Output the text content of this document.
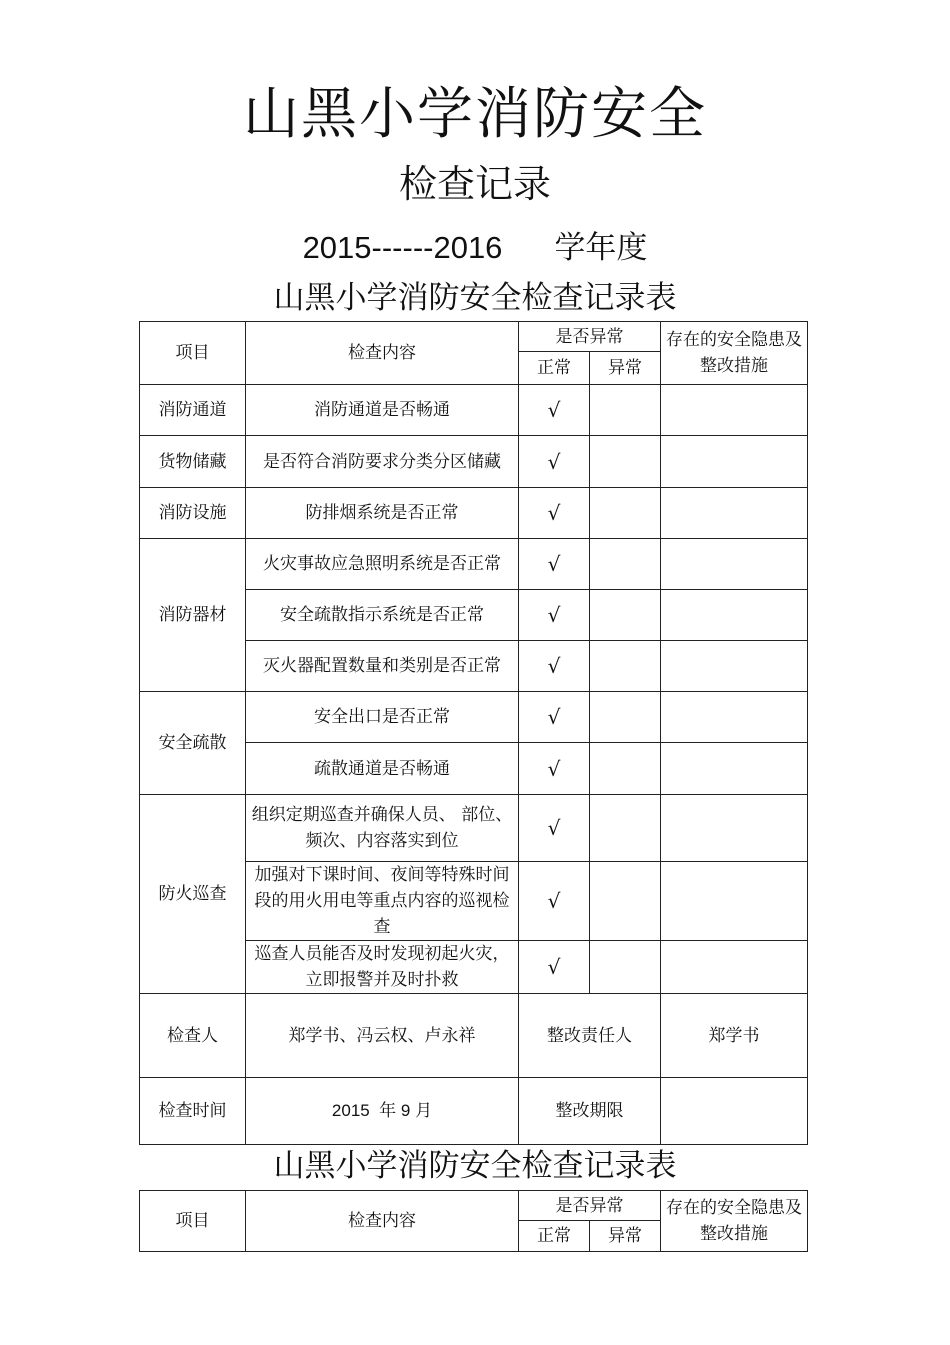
山黑小学消防安全
检查记录
2015------2016 学年度
山黑小学消防安全检查记录表
项目	检查内容	是否异常		存在的安全隐患及整改措施
		正常	异常	
消防通道	消防通道是否畅通	√		
货物储藏	是否符合消防要求分类分区储藏	√		
消防设施	防排烟系统是否正常	√		
消防器材	火灾事故应急照明系统是否正常	√		
	安全疏散指示系统是否正常	√		
	灭火器配置数量和类别是否正常	√		
安全疏散	安全出口是否正常	√		
	疏散通道是否畅通	√		
防火巡查	组织定期巡查并确保人员、 部位、频次、内容落实到位	√		
	加强对下课时间、夜间等特殊时间段的用火用电等重点内容的巡视检查	√		
	巡查人员能否及时发现初起火灾，立即报警并及时扑救	√		
检查人	郑学书、冯云权、卢永祥	整改责任人		郑学书
检查时间	2015  年 9 月	整改期限		
山黑小学消防安全检查记录表
项目	检查内容	是否异常		存在的安全隐患及整改措施
		正常	异常	
